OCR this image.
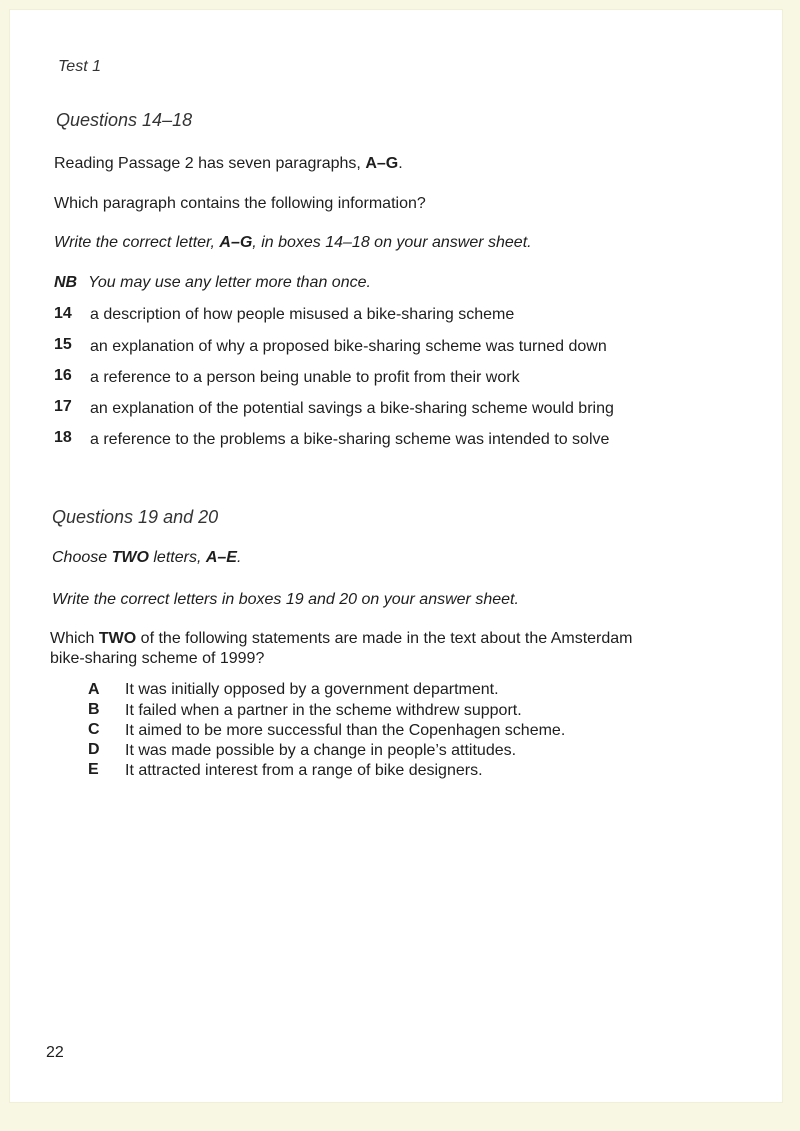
Test 1
Questions 14–18
Reading Passage 2 has seven paragraphs, A–G.
Which paragraph contains the following information?
Write the correct letter, A–G, in boxes 14–18 on your answer sheet.
NB You may use any letter more than once.
14 a description of how people misused a bike-sharing scheme
15 an explanation of why a proposed bike-sharing scheme was turned down
16 a reference to a person being unable to profit from their work
17 an explanation of the potential savings a bike-sharing scheme would bring
18 a reference to the problems a bike-sharing scheme was intended to solve
Questions 19 and 20
Choose TWO letters, A–E.
Write the correct letters in boxes 19 and 20 on your answer sheet.
Which TWO of the following statements are made in the text about the Amsterdam
bike-sharing scheme of 1999?
A It was initially opposed by a government department.
B It failed when a partner in the scheme withdrew support.
C It aimed to be more successful than the Copenhagen scheme.
D It was made possible by a change in people’s attitudes.
E It attracted interest from a range of bike designers.
22
